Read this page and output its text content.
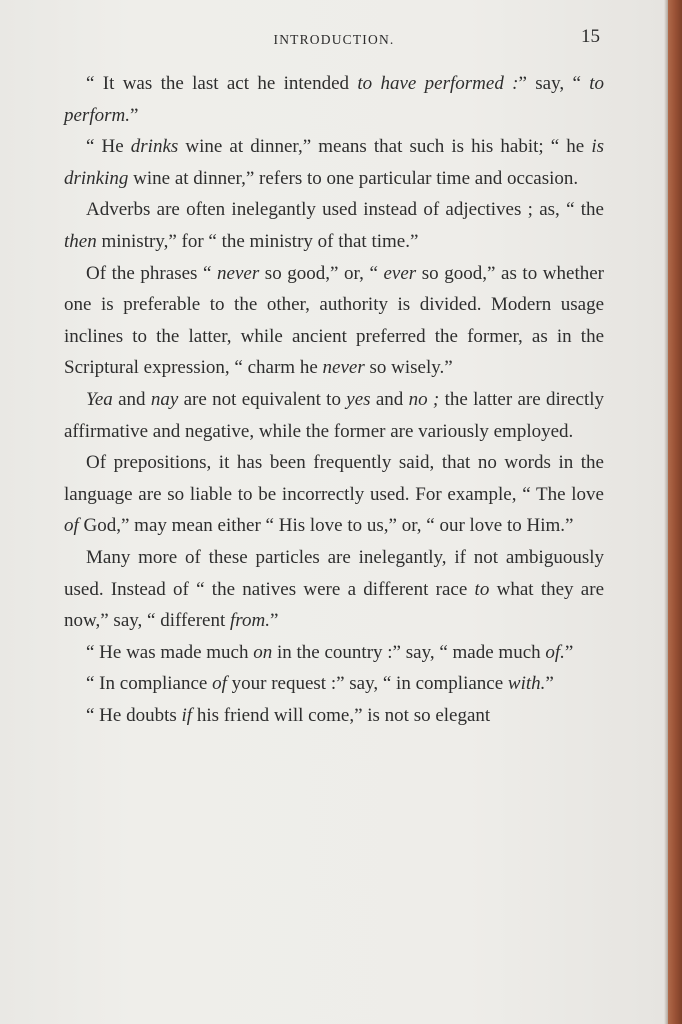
INTRODUCTION.	15

“ It was the last act he intended to have performed :” say, “ to perform.”

“ He drinks wine at dinner,” means that such is his habit; “ he is drinking wine at dinner,” refers to one particular time and occasion.

Adverbs are often inelegantly used instead of adjectives ; as, “ the then ministry,” for “ the ministry of that time.”

Of the phrases “ never so good,” or, “ ever so good,” as to whether one is preferable to the other, authority is divided. Modern usage inclines to the latter, while ancient preferred the former, as in the Scriptural expression, “ charm he never so wisely.”

Yea and nay are not equivalent to yes and no ; the latter are directly affirmative and negative, while the former are variously employed.

Of prepositions, it has been frequently said, that no words in the language are so liable to be incorrectly used. For example, “ The love of God,” may mean either “ His love to us,” or, “ our love to Him.”

Many more of these particles are inelegantly, if not ambiguously used. Instead of “ the natives were a different race to what they are now,” say, “ different from.”

“ He was made much on in the country :” say, “ made much of.”

“ In compliance of your request :” say, “ in compliance with.”

“ He doubts if his friend will come,” is not so elegant
